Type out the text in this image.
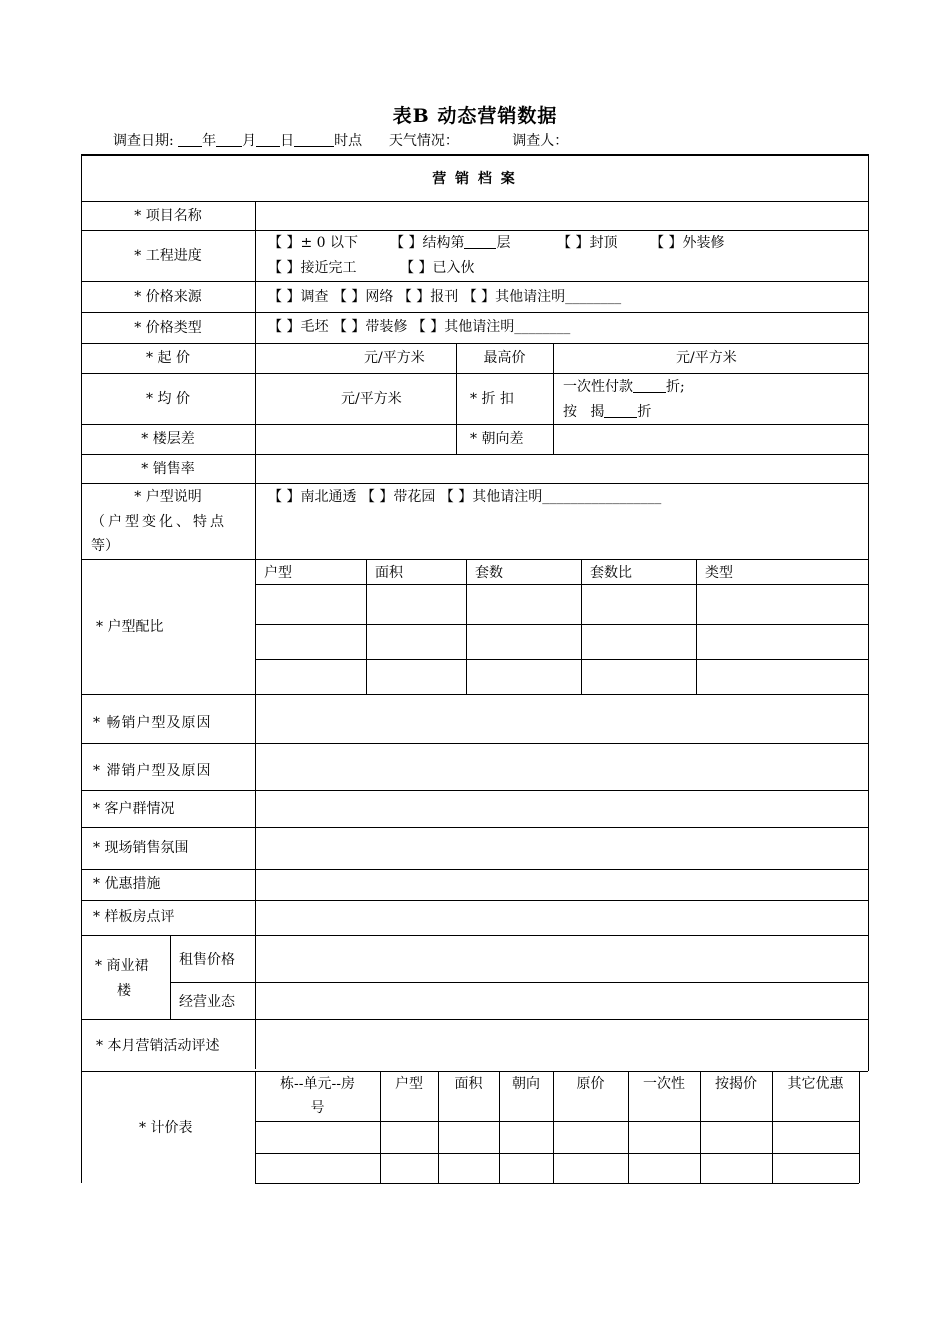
表B 动态营销数据
调查日期: 年 月 日	时点 天气情况：	调查人：
营 销 档 案
* 项目名称
* 工程进度
【 】± 0 以下 【 】结构第 层	【 】封顶 【 】外装修
【 】接近完工	【 】已入伙
* 价格来源	【 】调查 【 】网络 【 】报刊 【 】其他请注明________
* 价格类型	【 】毛坯 【 】带装修 【 】其他请注明________
* 起 价	元/平方米	最高价	元/平方米
* 均 价	元/平方米	* 折 扣
一次性付款 折;
按   揭 折
* 楼层差	* 朝向差
* 销售率
* 户型说明
（户型变化、特点
等）
【 】南北通透 【 】带花园 【 】其他请注明_________________
* 户型配比
户型	面积	套数	套数比	类型
* 畅销户型及原因
* 滞销户型及原因
* 客户群情况
* 现场销售氛围
* 优惠措施
* 样板房点评
* 商业裙
楼
租售价格
经营业态
* 本月营销活动评述
* 计价表
栋--单元--房
号
户型	面积	朝向	原价	一次性	按揭价	其它优惠
